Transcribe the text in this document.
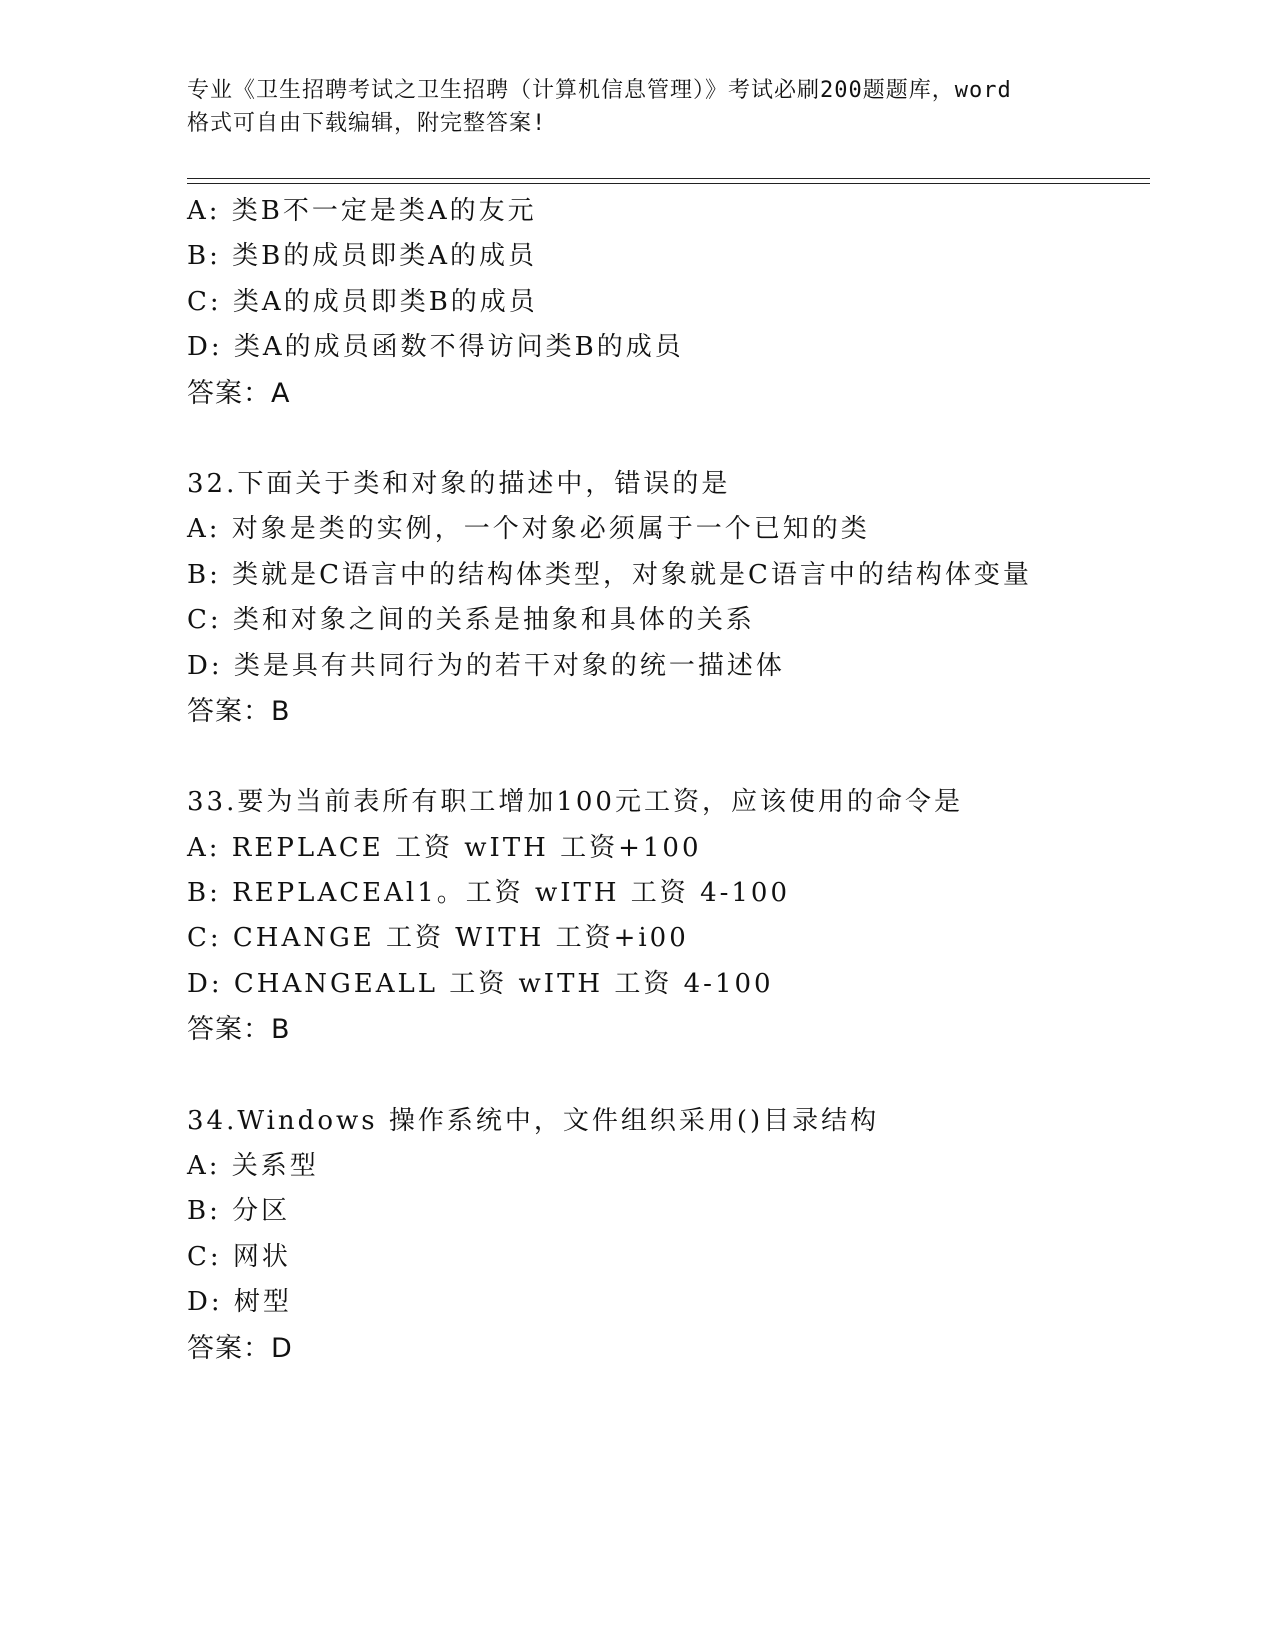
专业《卫生招聘考试之卫生招聘（计算机信息管理）》考试必刷200题题库，word
格式可自由下载编辑，附完整答案!
A: 类B不一定是类A的友元
B: 类B的成员即类A的成员
C: 类A的成员即类B的成员
D: 类A的成员函数不得访问类B的成员
答案：A
32.下面关于类和对象的描述中，错误的是
A: 对象是类的实例，一个对象必须属于一个已知的类
B: 类就是C语言中的结构体类型，对象就是C语言中的结构体变量
C: 类和对象之间的关系是抽象和具体的关系
D: 类是具有共同行为的若干对象的统一描述体
答案：B
33.要为当前表所有职工增加100元工资，应该使用的命令是
A: REPLACE 工资 wITH 工资+100
B: REPLACEAl1。工资 wITH 工资 4-100
C: CHANGE 工资 WITH 工资+i00
D: CHANGEALL 工资 wITH 工资 4-100
答案：B
34.Windows 操作系统中，文件组织采用()目录结构
A: 关系型
B: 分区
C: 网状
D: 树型
答案：D
